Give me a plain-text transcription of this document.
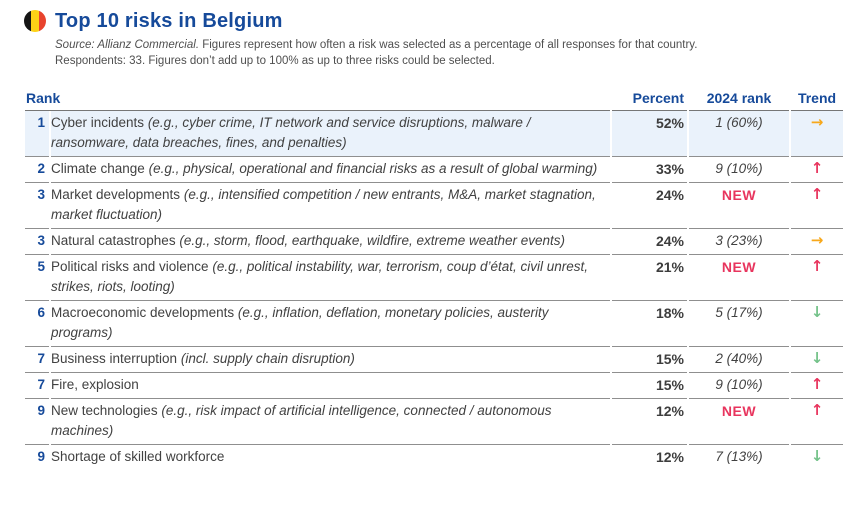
Top 10 risks in Belgium
Source: Allianz Commercial. Figures represent how often a risk was selected as a percentage of all responses for that country.
Respondents: 33. Figures don’t add up to 100% as up to three risks could be selected.
Rank		Percent	2024 rank	Trend
1	Cyber incidents (e.g., cyber crime, IT network and service disruptions, malware / ransomware, data breaches, fines, and penalties)	52%	1 (60%)	→
2	Climate change (e.g., physical, operational and financial risks as a result of global warming)	33%	9 (10%)	↑
3	Market developments (e.g., intensified competition / new entrants, M&A, market stagnation, market fluctuation)	24%	NEW	↑
3	Natural catastrophes (e.g., storm, flood, earthquake, wildfire, extreme weather events)	24%	3 (23%)	→
5	Political risks and violence (e.g., political instability, war, terrorism, coup d’état, civil unrest, strikes, riots, looting)	21%	NEW	↑
6	Macroeconomic developments (e.g., inflation, deflation, monetary policies, austerity programs)	18%	5 (17%)	↓
7	Business interruption (incl. supply chain disruption)	15%	2 (40%)	↓
7	Fire, explosion	15%	9 (10%)	↑
9	New technologies (e.g., risk impact of artificial intelligence, connected / autonomous machines)	12%	NEW	↑
9	Shortage of skilled workforce	12%	7 (13%)	↓
